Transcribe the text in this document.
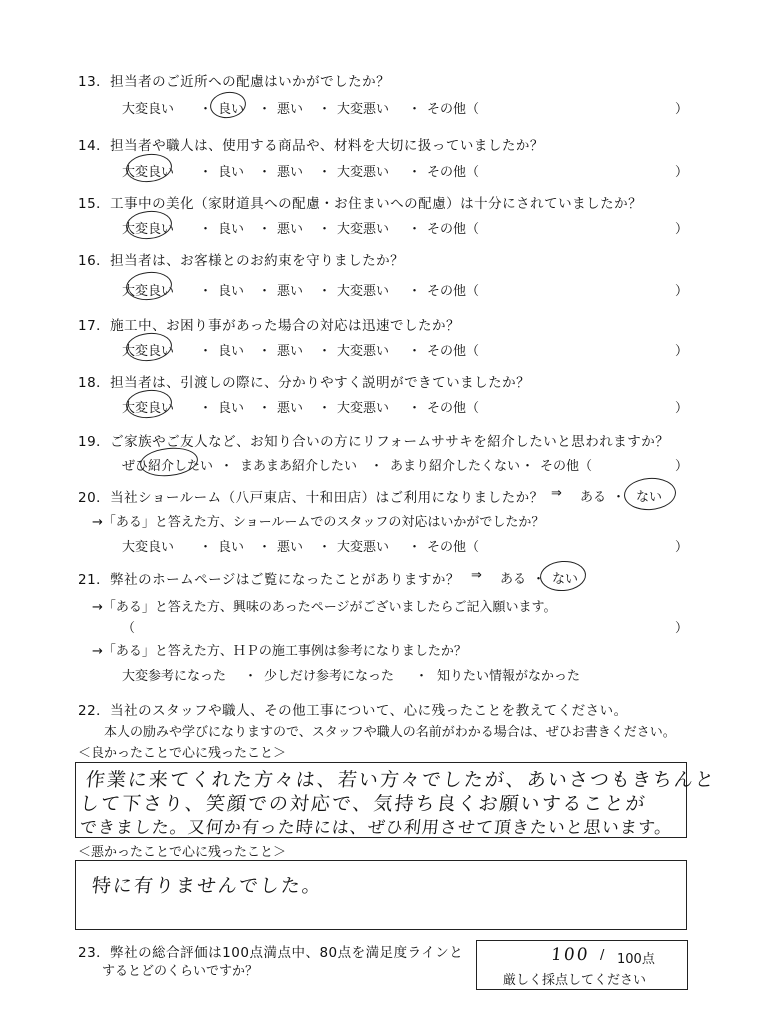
13．担当者のご近所への配慮はいかがでしたか？
大変良い ・ 良い ・ 悪い ・ 大変悪い ・ その他（	）
14．担当者や職人は、使用する商品や、材料を大切に扱っていましたか？
大変良い ・ 良い ・ 悪い ・ 大変悪い ・ その他（	）
15．工事中の美化（家財道具への配慮・お住まいへの配慮）は十分にされていましたか？
大変良い ・ 良い ・ 悪い ・ 大変悪い ・ その他（	）
16．担当者は、お客様とのお約束を守りましたか？
大変良い ・ 良い ・ 悪い ・ 大変悪い ・ その他（	）
17．施工中、お困り事があった場合の対応は迅速でしたか？
大変良い ・ 良い ・ 悪い ・ 大変悪い ・ その他（	）
18．担当者は、引渡しの際に、分かりやすく説明ができていましたか？
大変良い ・ 良い ・ 悪い ・ 大変悪い ・ その他（	）
19．ご家族やご友人など、お知り合いの方にリフォームササキを紹介したいと思われますか？
ぜひ紹介したい ・ まあまあ紹介したい ・ あまり紹介したくない ・ その他（	）
20．当社ショールーム（八戸東店、十和田店）はご利用になりましたか？ ⇒ ある ・ ない
→「ある」と答えた方、ショールームでのスタッフの対応はいかがでしたか？
大変良い ・ 良い ・ 悪い ・ 大変悪い ・ その他（	）
21．弊社のホームページはご覧になったことがありますか？ ⇒ ある ・ ない
→「ある」と答えた方、興味のあったページがございましたらご記入願います。
（	）
→「ある」と答えた方、ＨＰの施工事例は参考になりましたか？
大変参考になった ・ 少しだけ参考になった ・ 知りたい情報がなかった
22．当社のスタッフや職人、その他工事について、心に残ったことを教えてください。
本人の励みや学びになりますので、スタッフや職人の名前がわかる場合は、ぜひお書きください。
＜良かったことで心に残ったこと＞
作業に来てくれた方々は、若い方々でしたが、あいさつもきちんと
して下さり、笑顔での対応で、気持ち良くお願いすることが
できました。又何か有った時には、ぜひ利用させて頂きたいと思います。
＜悪かったことで心に残ったこと＞
特に有りませんでした。
23．弊社の総合評価は100点満点中、80点を満足度ラインと
するとどのくらいですか？
100 / 100点
厳しく採点してください
